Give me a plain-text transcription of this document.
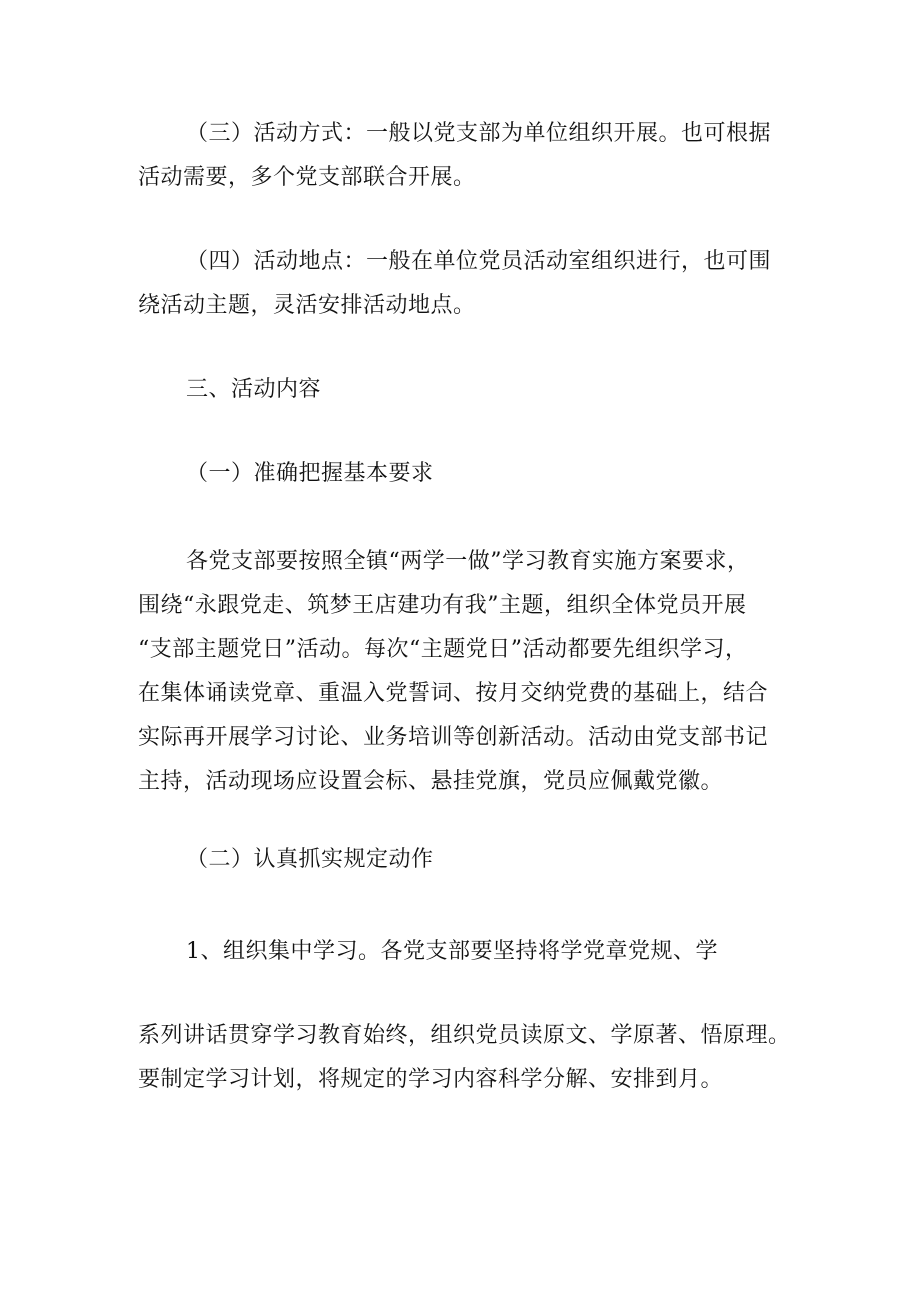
（三）活动方式：一般以党支部为单位组织开展。也可根据
活动需要，多个党支部联合开展。
（四）活动地点：一般在单位党员活动室组织进行，也可围
绕活动主题，灵活安排活动地点。
三、活动内容
（一）准确把握基本要求

各党支部要按照全镇“两学一做”学习教育实施方案要求，

围绕“永跟党走、筑梦王店建功有我”主题，组织全体党员开展

“支部主题党日”活动。每次“主题党日”活动都要先组织学习，

在集体诵读党章、重温入党誓词、按月交纳党费的基础上，结合

实际再开展学习讨论、业务培训等创新活动。活动由党支部书记

主持，活动现场应设置会标、悬挂党旗，党员应佩戴党徽。

（二）认真抓实规定动作
1、组织集中学习。各党支部要坚持将学党章党规、学
系列讲话贯穿学习教育始终，组织党员读原文、学原著、悟原理。
要制定学习计划，将规定的学习内容科学分解、安排到月。
